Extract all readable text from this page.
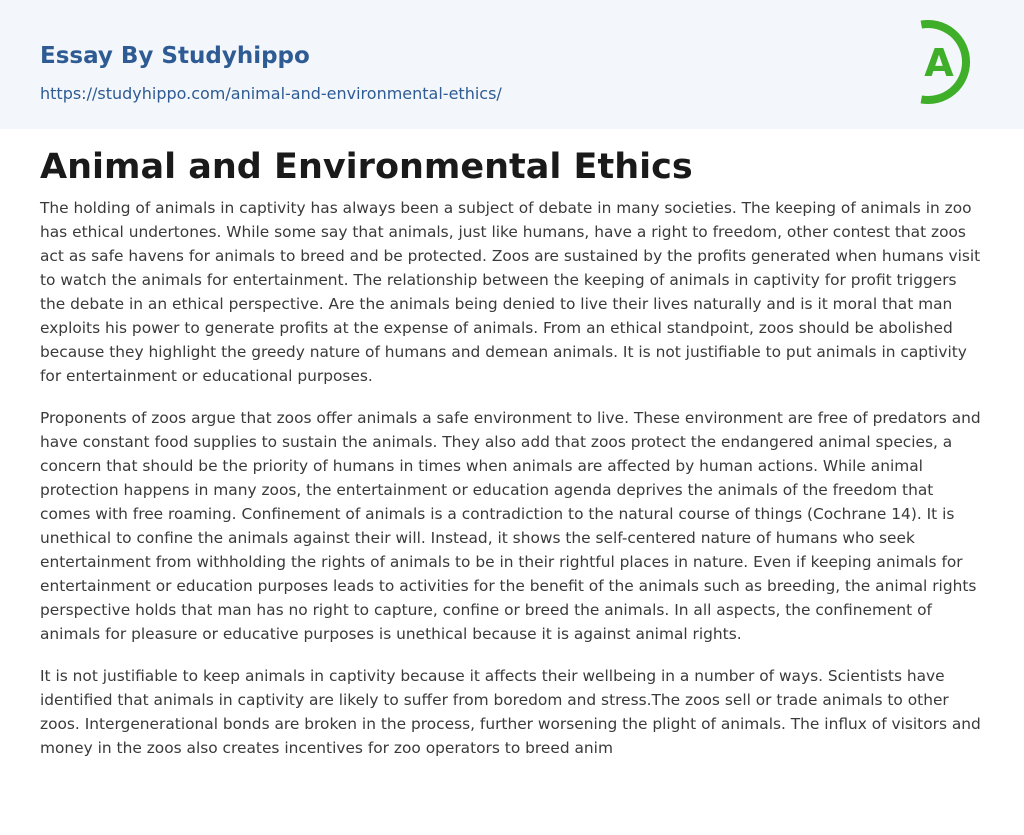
Essay By Studyhippo
https://studyhippo.com/animal-and-environmental-ethics/
A
Animal and Environmental Ethics

The holding of animals in captivity has always been a subject of debate in many societies. The keeping of animals in zoo has ethical undertones. While some say that animals, just like humans, have a right to freedom, other contest that zoos act as safe havens for animals to breed and be protected. Zoos are sustained by the profits generated when humans visit to watch the animals for entertainment. The relationship between the keeping of animals in captivity for profit triggers the debate in an ethical perspective. Are the animals being denied to live their lives naturally and is it moral that man exploits his power to generate profits at the expense of animals. From an ethical standpoint, zoos should be abolished because they highlight the greedy nature of humans and demean animals. It is not justifiable to put animals in captivity for entertainment or educational purposes.

Proponents of zoos argue that zoos offer animals a safe environment to live. These environment are free of predators and have constant food supplies to sustain the animals. They also add that zoos protect the endangered animal species, a concern that should be the priority of humans in times when animals are affected by human actions. While animal protection happens in many zoos, the entertainment or education agenda deprives the animals of the freedom that comes with free roaming. Confinement of animals is a contradiction to the natural course of things (Cochrane 14). It is unethical to confine the animals against their will. Instead, it shows the self-centered nature of humans who seek entertainment from withholding the rights of animals to be in their rightful places in nature. Even if keeping animals for entertainment or education purposes leads to activities for the benefit of the animals such as breeding, the animal rights perspective holds that man has no right to capture, confine or breed the animals. In all aspects, the confinement of animals for pleasure or educative purposes is unethical because it is against animal rights.

It is not justifiable to keep animals in captivity because it affects their wellbeing in a number of ways. Scientists have identified that animals in captivity are likely to suffer from boredom and stress.The zoos sell or trade animals to other zoos. Intergenerational bonds are broken in the process, further worsening the plight of animals. The influx of visitors and money in the zoos also creates incentives for zoo operators to breed anim
